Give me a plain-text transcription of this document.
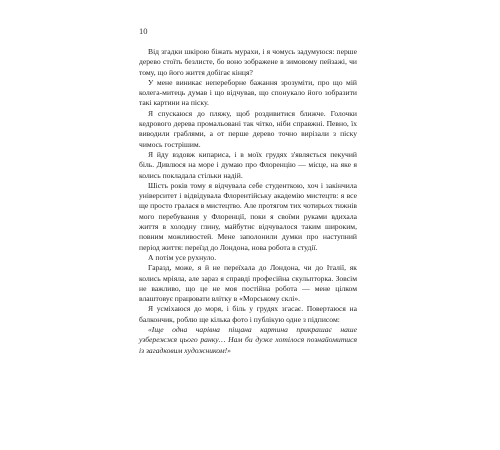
10

Від згадки шкірою біжать мурахи, і я чомусь задумуюся: перше дерево стоїть безлисте, бо воно зображене в зимовому пейзажі, чи тому, що його життя добігає кінця?

У мене виникає непереборне бажання зрозуміти, про що мій колега-митець думав і що відчував, що спонукало його зобразити такі картини на піску.

Я спускаюся до пляжу, щоб роздивитися ближче. Голочки кедрового дерева промальовані так чітко, ніби справжні. Певно, їх виводили граблями, а от перше дерево точно вирізали з піску чимось гострішим.

Я йду вздовж кипариса, і в моїх грудях з'являється пекучий біль. Дивлюся на море і думаю про Флоренцію — місце, на яке я колись покладала стільки надій.

Шість років тому я відчувала себе студенткою, хоч і закінчила університет і відвідувала Флорентійську академію мистецтв: я все ще просто гралася в мистецтво. Але протягом тих чотирьох тижнів мого перебування у Флоренції, поки я своїми руками вдихала життя в холодну глину, майбутнє відчувалося таким широким, повним можливостей. Мене заполонили думки про наступний період життя: переїзд до Лондона, нова робота в студії.

А потім усе рухнуло.

Гаразд, може, я й не переїхала до Лондона, чи до Італії, як колись мріяла, але зараз я справді професійна скульпторка. Зовсім не важливо, що це не моя постійна робота — мене цілком влаштовує працювати влітку в «Морському склі».

Я усміхаюся до моря, і біль у грудях згасає. Повертаюся на балкончик, роблю ще кілька фото і публікую одне з підписом:

«Іще одна чарівна піщана картина прикрашає наше узбережжя цього ранку… Нам би дуже хотілося познайомитися із загадковим художником!»
